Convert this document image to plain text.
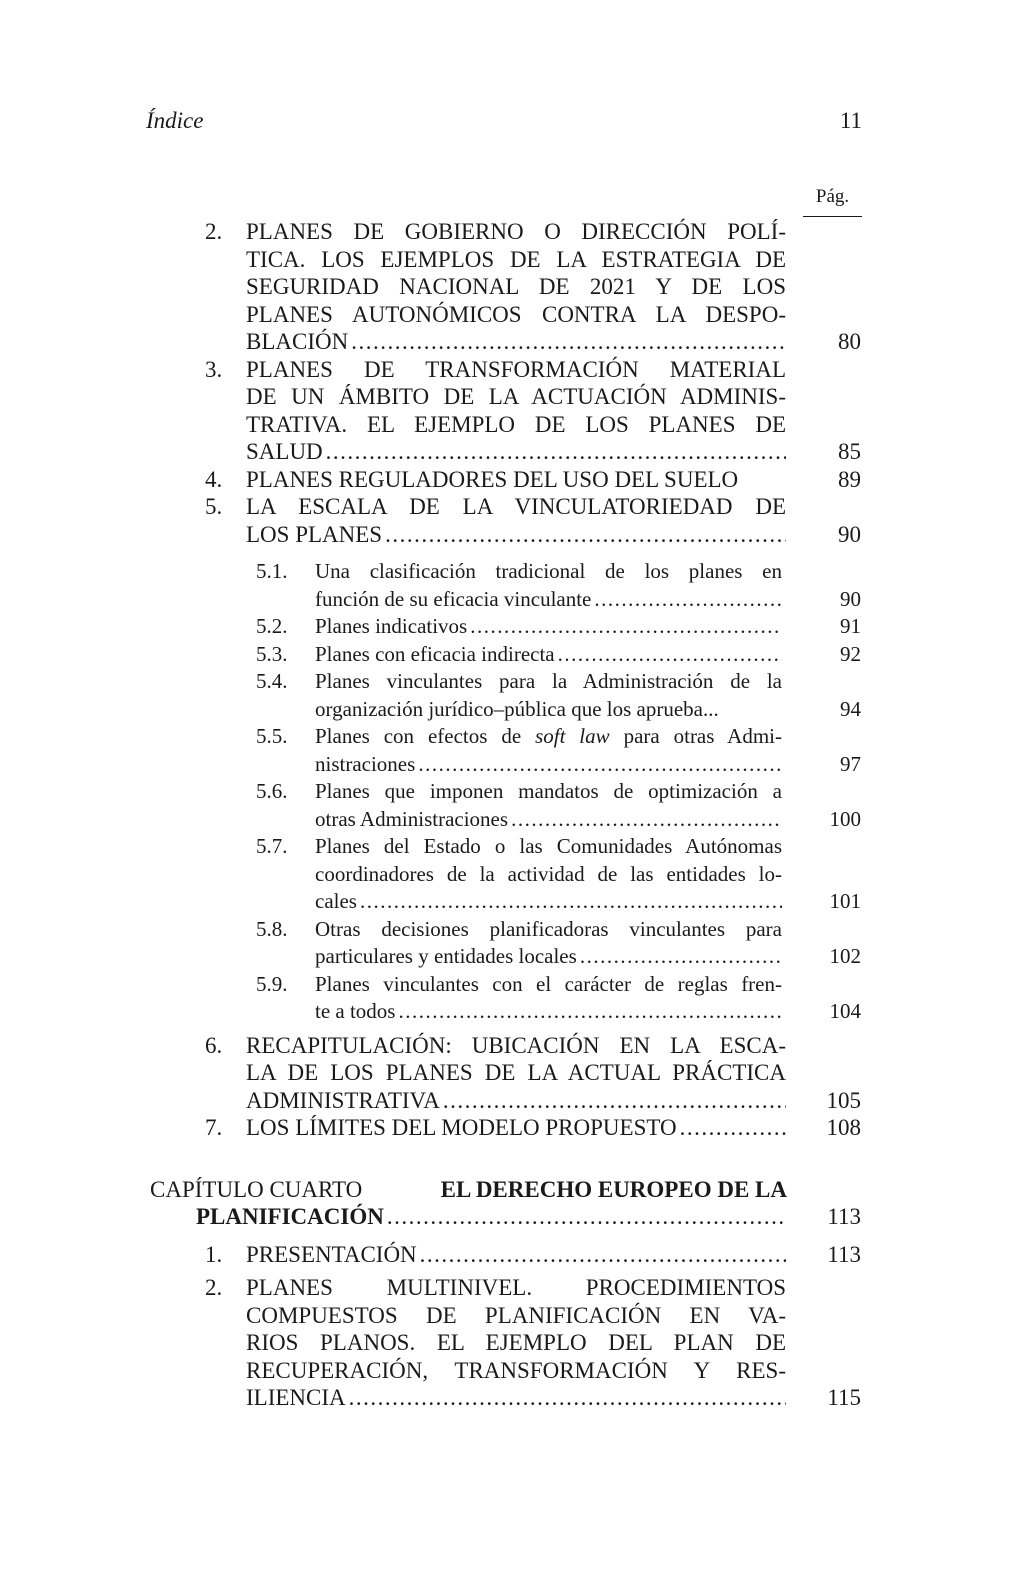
Índice	11
Pág.
2.	PLANES DE GOBIERNO O DIRECCIÓN POLÍ-
TICA. LOS EJEMPLOS DE LA ESTRATEGIA DE
SEGURIDAD NACIONAL DE 2021 Y DE LOS
PLANES AUTONÓMICOS CONTRA LA DESPO-
BLACIÓN .....	80
3.	PLANES DE TRANSFORMACIÓN MATERIAL
DE UN ÁMBITO DE LA ACTUACIÓN ADMINIS-
TRATIVA. EL EJEMPLO DE LOS PLANES DE
SALUD .....	85
4.	PLANES REGULADORES DEL USO DEL SUELO	89
5.	LA ESCALA DE LA VINCULATORIEDAD DE
LOS PLANES .....	90
5.1. Una clasificación tradicional de los planes en
función de su eficacia vinculante .....	90
5.2. Planes indicativos .....	91
5.3. Planes con eficacia indirecta .....	92
5.4. Planes vinculantes para la Administración de la
organización jurídico–pública que los aprueba...	94
5.5. Planes con efectos de soft law para otras Admi-
nistraciones .....	97
5.6. Planes que imponen mandatos de optimización a
otras Administraciones .....	100
5.7. Planes del Estado o las Comunidades Autónomas
coordinadores de la actividad de las entidades lo-
cales .....	101
5.8. Otras decisiones planificadoras vinculantes para
particulares y entidades locales .....	102
5.9. Planes vinculantes con el carácter de reglas fren-
te a todos .....	104
6.	RECAPITULACIÓN: UBICACIÓN EN LA ESCA-
LA DE LOS PLANES DE LA ACTUAL PRÁCTICA
ADMINISTRATIVA .....	105
7.	LOS LÍMITES DEL MODELO PROPUESTO .....	108
CAPÍTULO CUARTO	EL DERECHO EUROPEO DE LA
PLANIFICACIÓN .....	113
1.	PRESENTACIÓN .....	113
2.	PLANES MULTINIVEL. PROCEDIMIENTOS
COMPUESTOS DE PLANIFICACIÓN EN VA-
RIOS PLANOS. EL EJEMPLO DEL PLAN DE
RECUPERACIÓN, TRANSFORMACIÓN Y RES-
ILIENCIA .....	115
